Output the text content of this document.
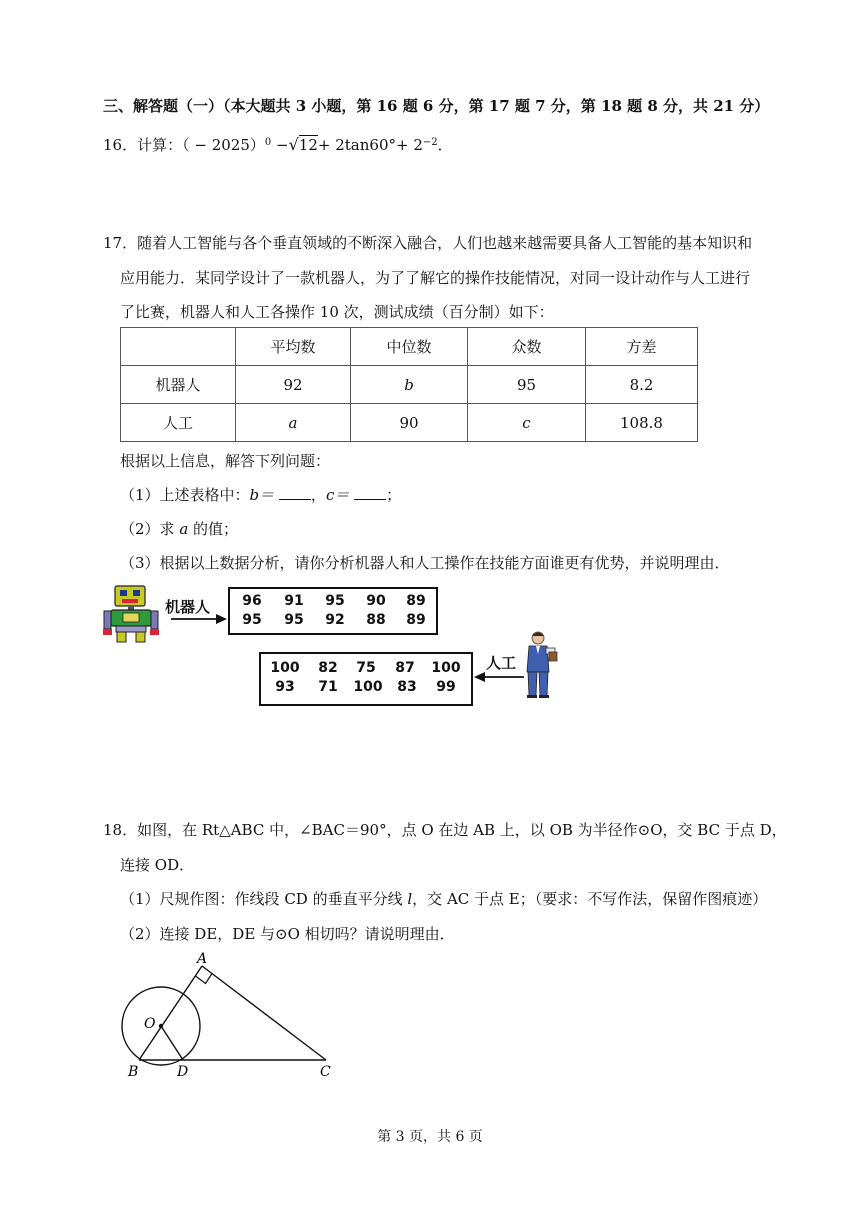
三、解答题（一）（本大题共 3 小题，第 16 题 6 分，第 17 题 7 分，第 18 题 8 分，共 21 分）
16．计算：（ − $2025)^0 -√12+ 2\tan 60^\circ+ 2^{-2}$．
17．随着人工智能与各个垂直领域的不断深入融合，人们也越来越需要具备人工智能的基本知识和
应用能力．某同学设计了一款机器人，为了了解它的操作技能情况，对同一设计动作与人工进行
了比赛，机器人和人工各操作 10 次，测试成绩（百分制）如下：
	平均数	中位数	众数	方差
机器人	92	b	95	8.2
人工	a	90	c	108.8
根据以上信息，解答下列问题：
（1）上述表格中：b＝ ，c＝ ；
（2）求 a 的值；
（3）根据以上数据分析，请你分析机器人和人工操作在技能方面谁更有优势，并说明理由．
机器人	96	91	95	90	89
95	95	92	88	89
100	82	75	87	100
93	71	100	83	99
人工
18．如图，在 Rt△ABC 中，∠BAC＝90°，点 O 在边 AB 上，以 OB 为半径作⊙O，交 BC 于点 D，
连接 OD．
（1）尺规作图：作线段 CD 的垂直平分线 l，交 AC 于点 E；（要求：不写作法，保留作图痕迹）
（2）连接 DE，DE 与⊙O 相切吗？请说明理由．
A
O
B	D	C
第 3 页，共 6 页
